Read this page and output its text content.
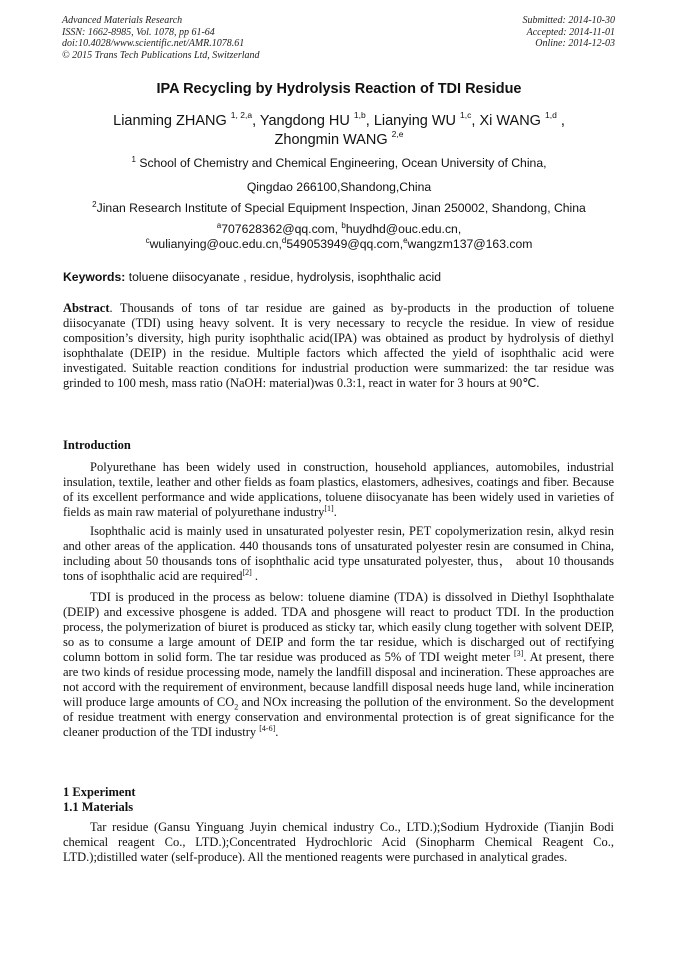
Advanced Materials Research
ISSN: 1662-8985, Vol. 1078, pp 61-64
doi:10.4028/www.scientific.net/AMR.1078.61
© 2015 Trans Tech Publications Ltd, Switzerland
Submitted: 2014-10-30
Accepted: 2014-11-01
Online: 2014-12-03
IPA Recycling by Hydrolysis Reaction of TDI Residue
Lianming ZHANG $^{1, 2,a}$, Yangdong HU $^{1,b}$, Lianying WU $^{1,c}$, Xi WANG $^{1,d}$ ,
Zhongmin WANG $^{2,e}$
$^1$ School of Chemistry and Chemical Engineering, Ocean University of China,
Qingdao 266100,Shandong,China
$^2$Jinan Research Institute of Special Equipment Inspection, Jinan 250002, Shandong, China
$^a$707628362@qq.com, $^b$huydhd@ouc.edu.cn,
$^c$wulianying@ouc.edu.cn,$^d$549053949@qq.com,$^e$wangzm137@163.com
Keywords: toluene diisocyanate , residue, hydrolysis, isophthalic acid
Abstract. Thousands of tons of tar residue are gained as by-products in the production of toluene diisocyanate (TDI) using heavy solvent. It is very necessary to recycle the residue. In view of residue composition’s diversity, high purity isophthalic acid(IPA) was obtained as product by hydrolysis of diethyl isophthalate (DEIP) in the residue. Multiple factors which affected the yield of isophthalic acid were investigated. Suitable reaction conditions for industrial production were summarized: the tar residue was grinded to 100 mesh, mass ratio (NaOH: material)was 0.3:1, react in water for 3 hours at 90℃.
Introduction
Polyurethane has been widely used in construction, household appliances, automobiles, industrial insulation, textile, leather and other fields as foam plastics, elastomers, adhesives, coatings and fiber. Because of its excellent performance and wide applications, toluene diisocyanate has been widely used in varieties of fields as main raw material of polyurethane industry[1].
Isophthalic acid is mainly used in unsaturated polyester resin, PET copolymerization resin, alkyd resin and other areas of the application. 440 thousands tons of unsaturated polyester resin are consumed in China, including about 50 thousands tons of isophthalic acid type unsaturated polyester, thus， about 10 thousands tons of isophthalic acid are required[2] .
TDI is produced in the process as below: toluene diamine (TDA) is dissolved in Diethyl Isophthalate (DEIP) and excessive phosgene is added. TDA and phosgene will react to product TDI. In the production process, the polymerization of biuret is produced as sticky tar, which easily clung together with solvent DEIP, so as to consume a large amount of DEIP and form the tar residue, which is discharged out of rectifying column bottom in solid form. The tar residue was produced as 5% of TDI weight meter [3]. At present, there are two kinds of residue processing mode, namely the landfill disposal and incineration. These approaches are not accord with the requirement of environment, because landfill disposal needs huge land, while incineration will produce large amounts of $CO_2$ and NOx increasing the pollution of the environment. So the development of residue treatment with energy conservation and environmental protection is of great significance for the cleaner production of the TDI industry [4-6].
1 Experiment
1.1 Materials
Tar residue (Gansu Yinguang Juyin chemical industry Co., LTD.);Sodium Hydroxide (Tianjin Bodi chemical reagent Co., LTD.);Concentrated Hydrochloric Acid (Sinopharm Chemical Reagent Co., LTD.);distilled water (self-produce). All the mentioned reagents were purchased in analytical grades.
